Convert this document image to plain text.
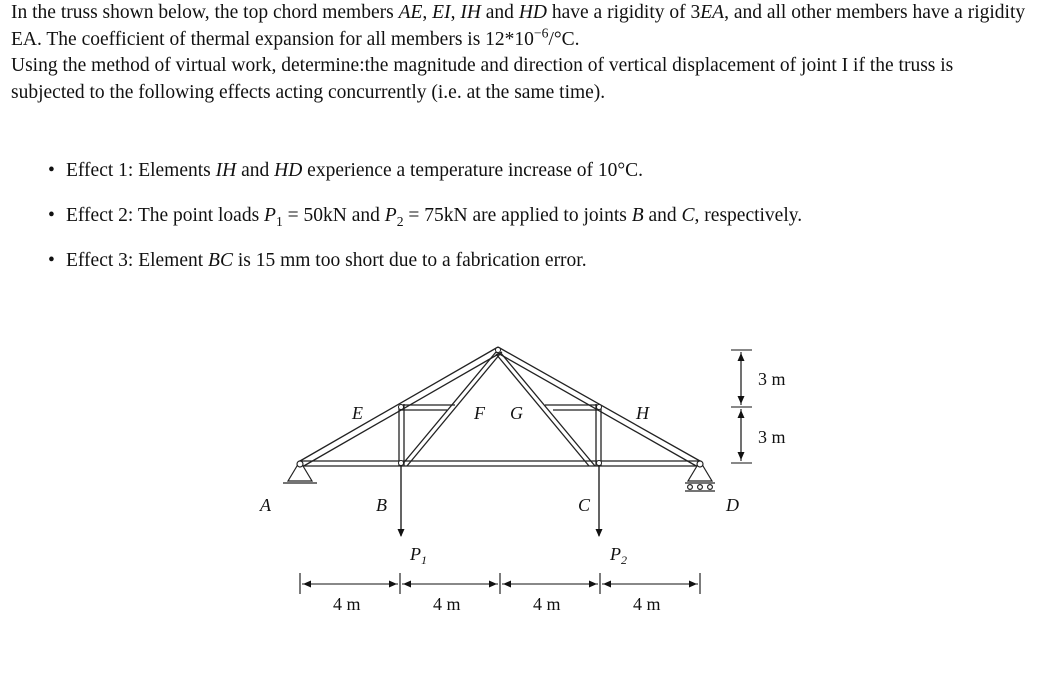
In the truss shown below, the top chord members AE, EI, IH and HD have a rigidity of 3EA, and all other members have a rigidity EA. The coefficient of thermal expansion for all members is $12*10^{-6}/^\circ C$.

Using the method of virtual work, determine:the magnitude and direction of vertical displacement of joint I if the truss is subjected to the following effects acting concurrently (i.e. at the same time).

• Effect 1: Elements IH and HD experience a temperature increase of 10°C.
• Effect 2: The point loads $P_1 = 50kN$ and $P_2 = 75kN$ are applied to joints B and C, respectively.
• Effect 3: Element BC is 15 mm too short due to a fabrication error.
A	B	C	D
E	F G	H
$P_1$	$P_2$
4 m	4 m	4 m	4 m
3 m
3 m
